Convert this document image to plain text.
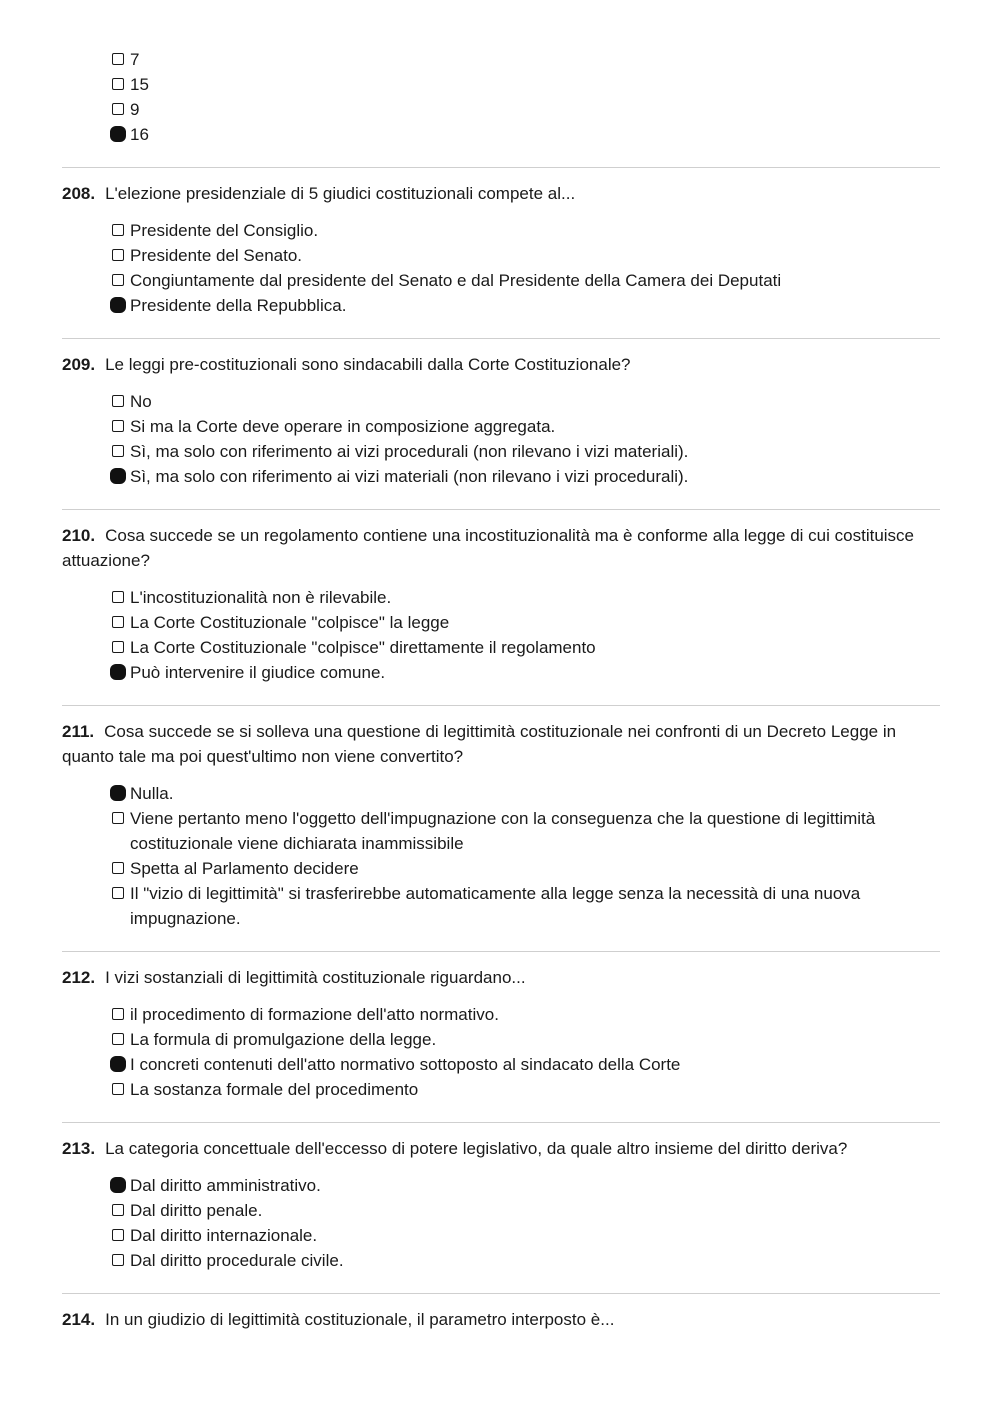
7
15
9
16
208. L'elezione presidenziale di 5 giudici costituzionali compete al...
Presidente del Consiglio.
Presidente del Senato.
Congiuntamente dal presidente del Senato e dal Presidente della Camera dei Deputati
Presidente della Repubblica.
209. Le leggi pre-costituzionali sono sindacabili dalla Corte Costituzionale?
No
Si ma la Corte deve operare in composizione aggregata.
Sì, ma solo con riferimento ai vizi procedurali (non rilevano i vizi materiali).
Sì, ma solo con riferimento ai vizi materiali (non rilevano i vizi procedurali).
210. Cosa succede se un regolamento contiene una incostituzionalità ma è conforme alla legge di cui costituisce attuazione?
L'incostituzionalità non è rilevabile.
La Corte Costituzionale "colpisce" la legge
La Corte Costituzionale "colpisce" direttamente il regolamento
Può intervenire il giudice comune.
211. Cosa succede se si solleva una questione di legittimità costituzionale nei confronti di un Decreto Legge in quanto tale ma poi quest'ultimo non viene convertito?
Nulla.
Viene pertanto meno l'oggetto dell'impugnazione con la conseguenza che la questione di legittimità costituzionale viene dichiarata inammissibile
Spetta al Parlamento decidere
Il "vizio di legittimità" si trasferirebbe automaticamente alla legge senza la necessità di una nuova impugnazione.
212. I vizi sostanziali di legittimità costituzionale riguardano...
il procedimento di formazione dell'atto normativo.
La formula di promulgazione della legge.
I concreti contenuti dell'atto normativo sottoposto al sindacato della Corte
La sostanza formale del procedimento
213. La categoria concettuale dell'eccesso di potere legislativo, da quale altro insieme del diritto deriva?
Dal diritto amministrativo.
Dal diritto penale.
Dal diritto internazionale.
Dal diritto procedurale civile.
214. In un giudizio di legittimità costituzionale, il parametro interposto è...
